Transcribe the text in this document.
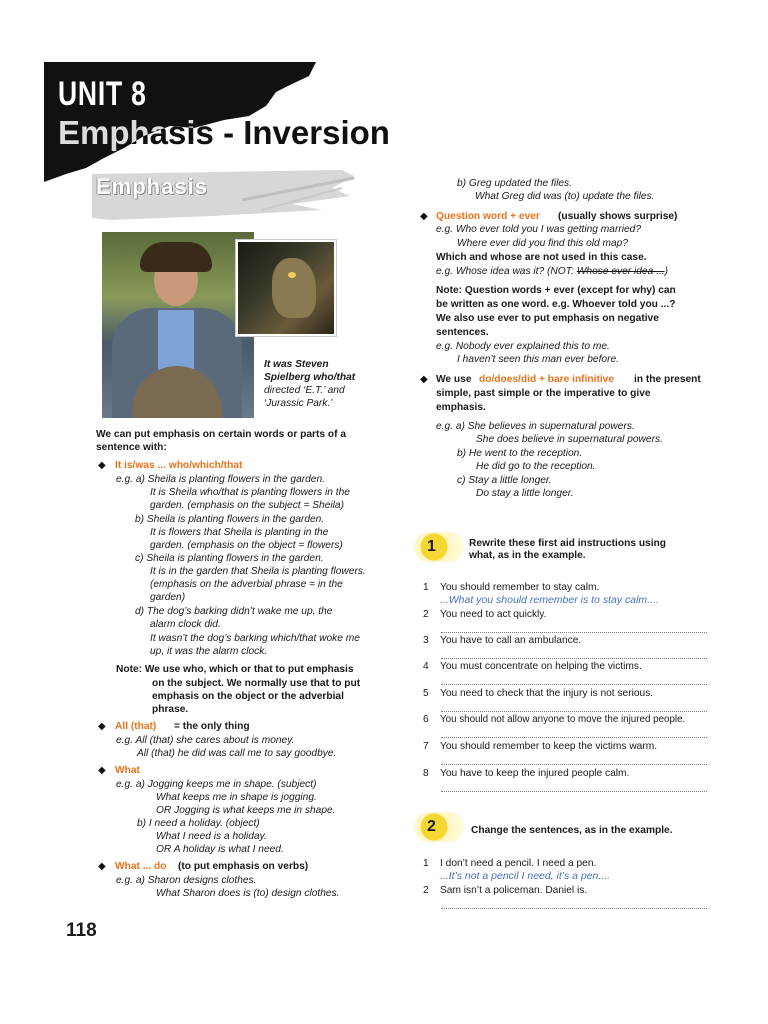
UNIT 8
Emphasis - Inversion
Emphasis
It was Steven
Spielberg who/that
directed ‘E.T.’ and
‘Jurassic Park.’
We can put emphasis on certain words or parts of a
sentence with:
◆ It is/was ... who/which/that
e.g. a) Sheila is planting flowers in the garden.
It is Sheila who/that is planting flowers in the
garden. (emphasis on the subject = Sheila)
b) Sheila is planting flowers in the garden.
It is flowers that Sheila is planting in the
garden. (emphasis on the object = flowers)
c) Sheila is planting flowers in the garden.
It is in the garden that Sheila is planting flowers.
(emphasis on the adverbial phrase = in the
garden)
d) The dog’s barking didn’t wake me up, the
alarm clock did.
It wasn’t the dog’s barking which/that woke me
up, it was the alarm clock.
Note: We use who, which or that to put emphasis
on the subject. We normally use that to put
emphasis on the object or the adverbial
phrase.
◆ All (that) = the only thing
e.g. All (that) she cares about is money.
All (that) he did was call me to say goodbye.
◆ What
e.g. a) Jogging keeps me in shape. (subject)
What keeps me in shape is jogging.
OR Jogging is what keeps me in shape.
b) I need a holiday. (object)
What I need is a holiday.
OR A holiday is what I need.
◆ What ... do (to put emphasis on verbs)
e.g. a) Sharon designs clothes.
What Sharon does is (to) design clothes.
118
b) Greg updated the files.
What Greg did was (to) update the files.
◆ Question word + ever (usually shows surprise)
e.g. Who ever told you I was getting married?
Where ever did you find this old map?
Which and whose are not used in this case.
e.g. Whose idea was it? (NOT: Whose ever idea ...)
Note: Question words + ever (except for why) can
be written as one word. e.g. Whoever told you ...?
We also use ever to put emphasis on negative
sentences.
e.g. Nobody ever explained this to me.
I haven’t seen this man ever before.
◆ We use do/does/did + bare infinitive in the present
simple, past simple or the imperative to give
emphasis.
e.g. a) She believes in supernatural powers.
She does believe in supernatural powers.
b) He went to the reception.
He did go to the reception.
c) Stay a little longer.
Do stay a little longer.
1	Rewrite these first aid instructions using
what, as in the example.
1 You should remember to stay calm.
...What you should remember is to stay calm....
2 You need to act quickly.
3 You have to call an ambulance.
4 You must concentrate on helping the victims.
5 You need to check that the injury is not serious.
6 You should not allow anyone to move the injured people.
7 You should remember to keep the victims warm.
8 You have to keep the injured people calm.
2	Change the sentences, as in the example.
1 I don’t need a pencil. I need a pen.
...It’s not a pencil I need, it’s a pen....
2 Sam isn’t a policeman. Daniel is.
